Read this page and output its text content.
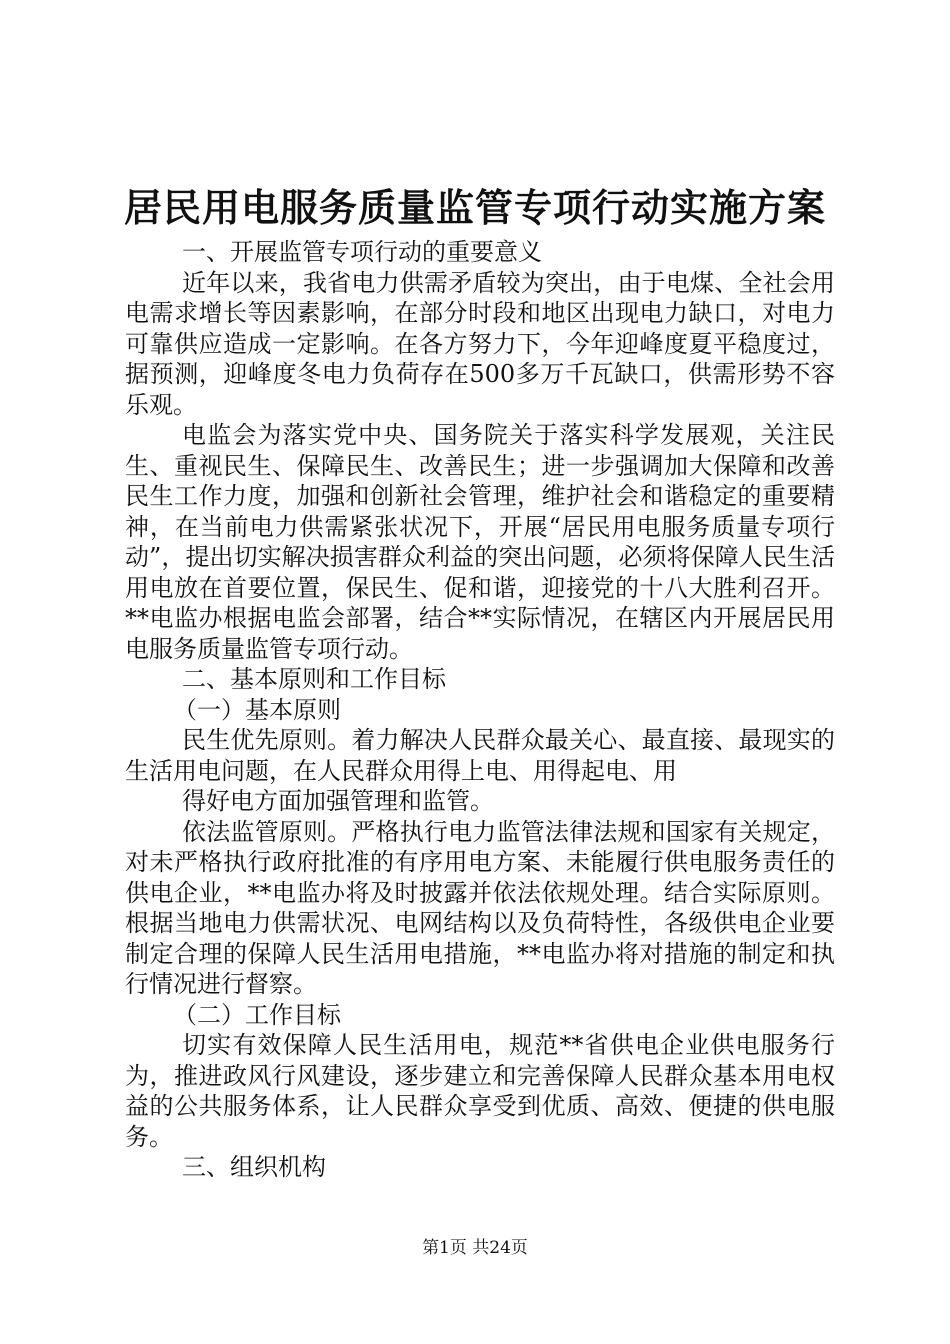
居民用电服务质量监管专项行动实施方案

一、开展监管专项行动的重要意义

近年以来，我省电力供需矛盾较为突出，由于电煤、全社会用电需求增长等因素影响，在部分时段和地区出现电力缺口，对电力可靠供应造成一定影响。在各方努力下，今年迎峰度夏平稳度过，据预测，迎峰度冬电力负荷存在500多万千瓦缺口，供需形势不容乐观。

电监会为落实党中央、国务院关于落实科学发展观，关注民生、重视民生、保障民生、改善民生；进一步强调加大保障和改善民生工作力度，加强和创新社会管理，维护社会和谐稳定的重要精神，在当前电力供需紧张状况下，开展“居民用电服务质量专项行动”，提出切实解决损害群众利益的突出问题，必须将保障人民生活用电放在首要位置，保民生、促和谐，迎接党的十八大胜利召开。**电监办根据电监会部署，结合**实际情况，在辖区内开展居民用电服务质量监管专项行动。

二、基本原则和工作目标

（一）基本原则

民生优先原则。着力解决人民群众最关心、最直接、最现实的生活用电问题，在人民群众用得上电、用得起电、用

得好电方面加强管理和监管。

依法监管原则。严格执行电力监管法律法规和国家有关规定，对未严格执行政府批准的有序用电方案、未能履行供电服务责任的供电企业，**电监办将及时披露并依法依规处理。结合实际原则。根据当地电力供需状况、电网结构以及负荷特性，各级供电企业要制定合理的保障人民生活用电措施，**电监办将对措施的制定和执行情况进行督察。

（二）工作目标

切实有效保障人民生活用电，规范**省供电企业供电服务行为，推进政风行风建设，逐步建立和完善保障人民群众基本用电权益的公共服务体系，让人民群众享受到优质、高效、便捷的供电服务。

三、组织机构

第1页 共24页
